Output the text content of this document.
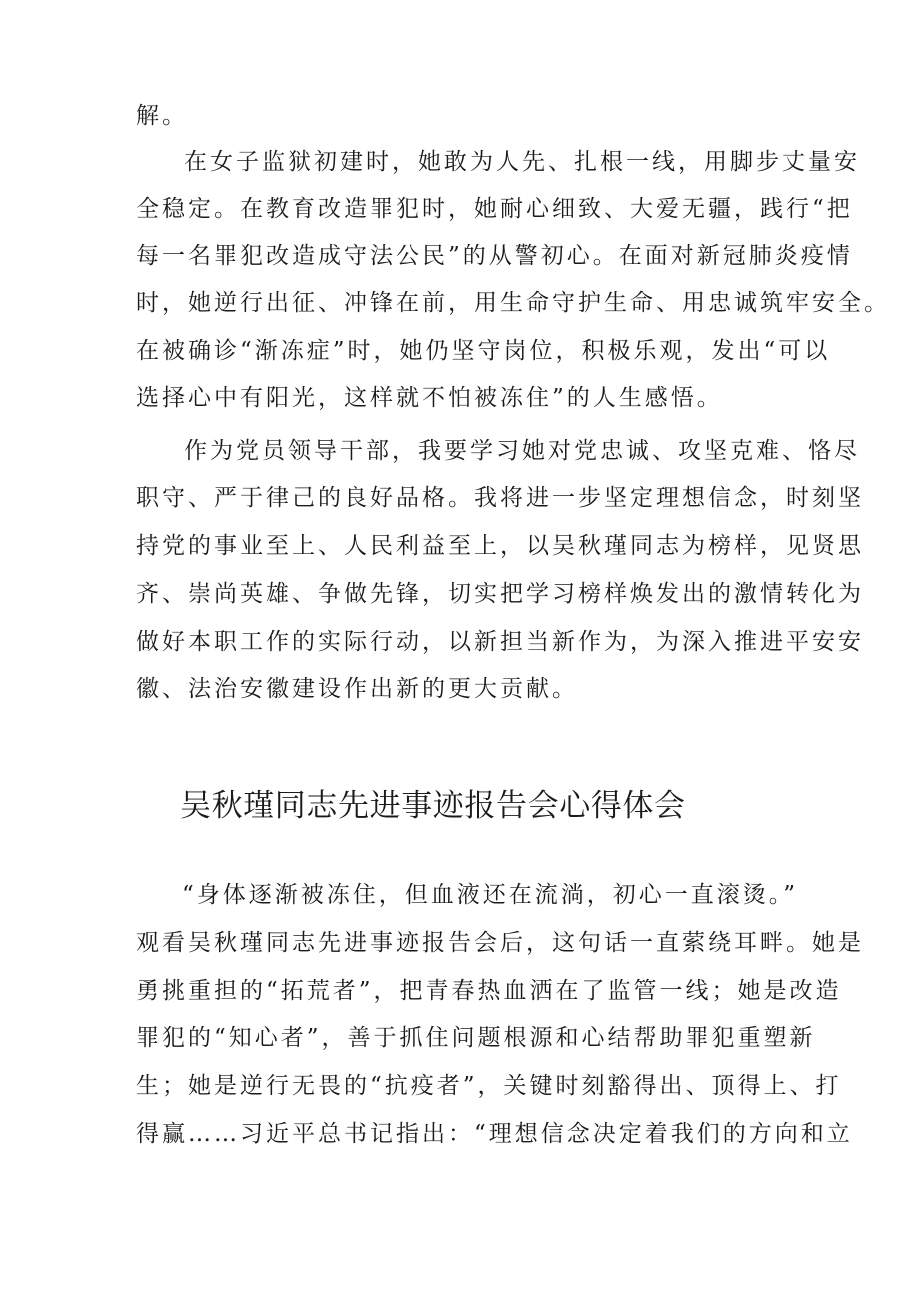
解。
在女子监狱初建时，她敢为人先、扎根一线，用脚步丈量安
全稳定。在教育改造罪犯时，她耐心细致、大爱无疆，践行“把
每一名罪犯改造成守法公民”的从警初心。在面对新冠肺炎疫情
时，她逆行出征、冲锋在前，用生命守护生命、用忠诚筑牢安全。
在被确诊“渐冻症”时，她仍坚守岗位，积极乐观，发出“可以
选择心中有阳光，这样就不怕被冻住”的人生感悟。
作为党员领导干部，我要学习她对党忠诚、攻坚克难、恪尽
职守、严于律己的良好品格。我将进一步坚定理想信念，时刻坚
持党的事业至上、人民利益至上，以吴秋瑾同志为榜样，见贤思
齐、崇尚英雄、争做先锋，切实把学习榜样焕发出的激情转化为
做好本职工作的实际行动，以新担当新作为，为深入推进平安安
徽、法治安徽建设作出新的更大贡献。
吴秋瑾同志先进事迹报告会心得体会
“身体逐渐被冻住，但血液还在流淌，初心一直滚烫。”
观看吴秋瑾同志先进事迹报告会后，这句话一直萦绕耳畔。她是
勇挑重担的“拓荒者”，把青春热血洒在了监管一线；她是改造
罪犯的“知心者”，善于抓住问题根源和心结帮助罪犯重塑新
生；她是逆行无畏的“抗疫者”，关键时刻豁得出、顶得上、打
得赢……习近平总书记指出：“理想信念决定着我们的方向和立
